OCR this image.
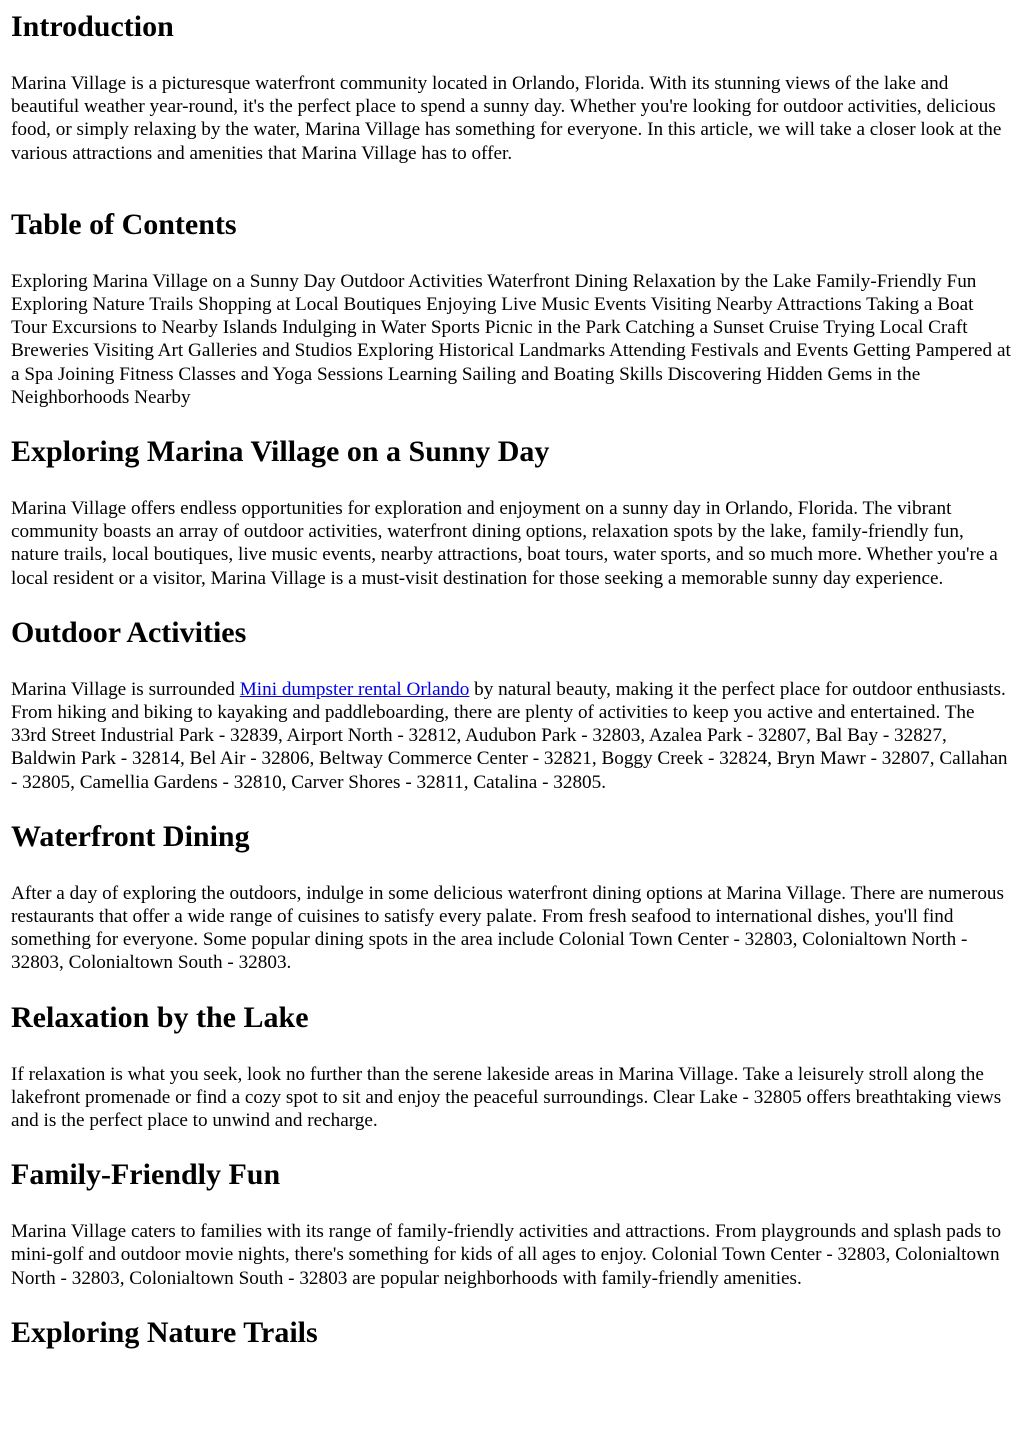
Introduction

Marina Village is a picturesque waterfront community located in Orlando, Florida. With its stunning views of the lake and beautiful weather year-round, it's the perfect place to spend a sunny day. Whether you're looking for outdoor activities, delicious food, or simply relaxing by the water, Marina Village has something for everyone. In this article, we will take a closer look at the various attractions and amenities that Marina Village has to offer.

Table of Contents

Exploring Marina Village on a Sunny Day Outdoor Activities Waterfront Dining Relaxation by the Lake Family-Friendly Fun Exploring Nature Trails Shopping at Local Boutiques Enjoying Live Music Events Visiting Nearby Attractions Taking a Boat Tour Excursions to Nearby Islands Indulging in Water Sports Picnic in the Park Catching a Sunset Cruise Trying Local Craft Breweries Visiting Art Galleries and Studios Exploring Historical Landmarks Attending Festivals and Events Getting Pampered at a Spa Joining Fitness Classes and Yoga Sessions Learning Sailing and Boating Skills Discovering Hidden Gems in the Neighborhoods Nearby

Exploring Marina Village on a Sunny Day

Marina Village offers endless opportunities for exploration and enjoyment on a sunny day in Orlando, Florida. The vibrant community boasts an array of outdoor activities, waterfront dining options, relaxation spots by the lake, family-friendly fun, nature trails, local boutiques, live music events, nearby attractions, boat tours, water sports, and so much more. Whether you're a local resident or a visitor, Marina Village is a must-visit destination for those seeking a memorable sunny day experience.

Outdoor Activities

Marina Village is surrounded Mini dumpster rental Orlando by natural beauty, making it the perfect place for outdoor enthusiasts. From hiking and biking to kayaking and paddleboarding, there are plenty of activities to keep you active and entertained. The 33rd Street Industrial Park - 32839, Airport North - 32812, Audubon Park - 32803, Azalea Park - 32807, Bal Bay - 32827, Baldwin Park - 32814, Bel Air - 32806, Beltway Commerce Center - 32821, Boggy Creek - 32824, Bryn Mawr - 32807, Callahan - 32805, Camellia Gardens - 32810, Carver Shores - 32811, Catalina - 32805.

Waterfront Dining

After a day of exploring the outdoors, indulge in some delicious waterfront dining options at Marina Village. There are numerous restaurants that offer a wide range of cuisines to satisfy every palate. From fresh seafood to international dishes, you'll find something for everyone. Some popular dining spots in the area include Colonial Town Center - 32803, Colonialtown North - 32803, Colonialtown South - 32803.

Relaxation by the Lake

If relaxation is what you seek, look no further than the serene lakeside areas in Marina Village. Take a leisurely stroll along the lakefront promenade or find a cozy spot to sit and enjoy the peaceful surroundings. Clear Lake - 32805 offers breathtaking views and is the perfect place to unwind and recharge.

Family-Friendly Fun

Marina Village caters to families with its range of family-friendly activities and attractions. From playgrounds and splash pads to mini-golf and outdoor movie nights, there's something for kids of all ages to enjoy. Colonial Town Center - 32803, Colonialtown North - 32803, Colonialtown South - 32803 are popular neighborhoods with family-friendly amenities.

Exploring Nature Trails
